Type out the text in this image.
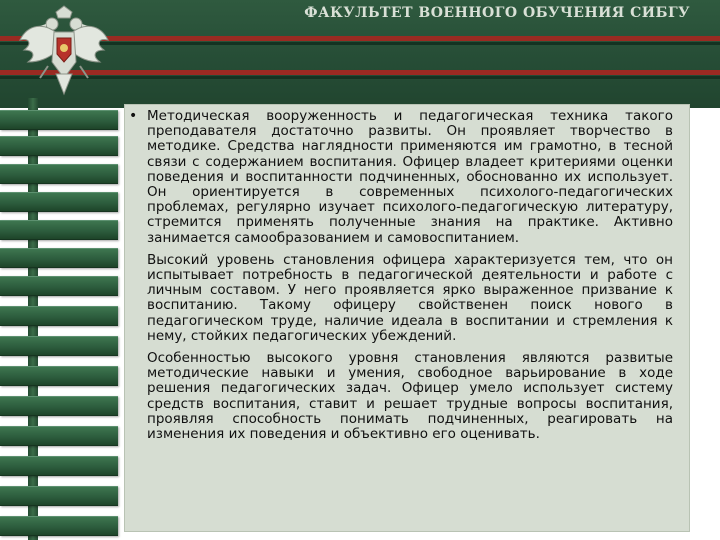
ФАКУЛЬТЕТ ВОЕННОГО ОБУЧЕНИЯ СИБГУ

• Методическая вооруженность и педагогическая техника такого преподавателя достаточно развиты. Он проявляет творчество в методике. Средства наглядности применяются им грамотно, в тесной связи с содержанием воспитания. Офицер владеет критериями оценки поведения и воспитанности подчиненных, обоснованно их использует. Он ориентируется в современных психолого-педагогических проблемах, регулярно изучает психолого-педагогическую литературу, стремится применять полученные знания на практике. Активно занимается самообразованием и самовоспитанием.

Высокий уровень становления офицера характеризуется тем, что он испытывает потребность в педагогической деятельности и работе с личным составом. У него проявляется ярко выраженное призвание к воспитанию. Такому офицеру свойственен поиск нового в педагогическом труде, наличие идеала в воспитании и стремления к нему, стойких педагогических убеждений.

Особенностью высокого уровня становления являются развитые методические навыки и умения, свободное варьирование в ходе решения педагогических задач. Офицер умело использует систему средств воспитания, ставит и решает трудные вопросы воспитания, проявляя способность понимать подчиненных, реагировать на изменения их поведения и объективно его оценивать.
